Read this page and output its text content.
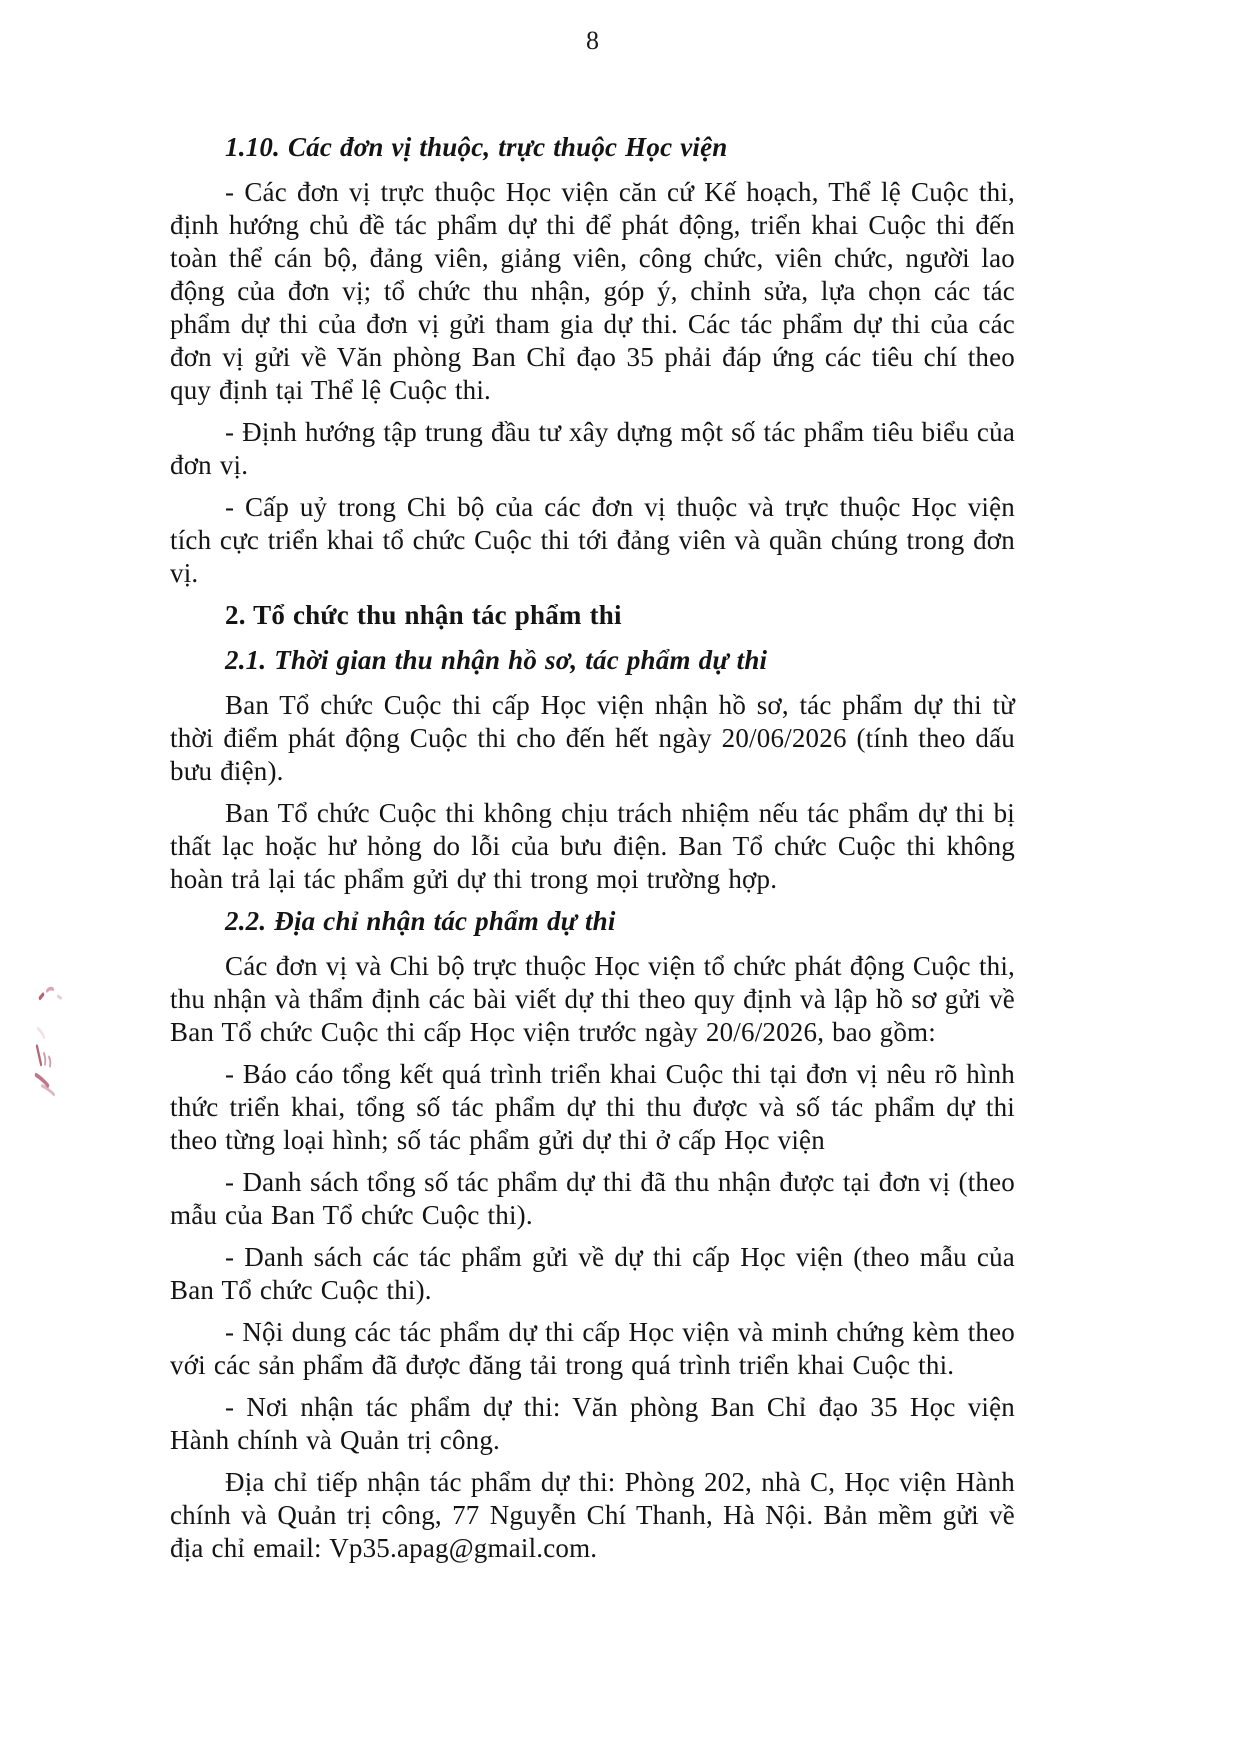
8

1.10. Các đơn vị thuộc, trực thuộc Học viện

- Các đơn vị trực thuộc Học viện căn cứ Kế hoạch, Thể lệ Cuộc thi, định hướng chủ đề tác phẩm dự thi để phát động, triển khai Cuộc thi đến toàn thể cán bộ, đảng viên, giảng viên, công chức, viên chức, người lao động của đơn vị; tổ chức thu nhận, góp ý, chỉnh sửa, lựa chọn các tác phẩm dự thi của đơn vị gửi tham gia dự thi. Các tác phẩm dự thi của các đơn vị gửi về Văn phòng Ban Chỉ đạo 35 phải đáp ứng các tiêu chí theo quy định tại Thể lệ Cuộc thi.

- Định hướng tập trung đầu tư xây dựng một số tác phẩm tiêu biểu của đơn vị.

- Cấp uỷ trong Chi bộ của các đơn vị thuộc và trực thuộc Học viện tích cực triển khai tổ chức Cuộc thi tới đảng viên và quần chúng trong đơn vị.

2. Tổ chức thu nhận tác phẩm thi

2.1. Thời gian thu nhận hồ sơ, tác phẩm dự thi

Ban Tổ chức Cuộc thi cấp Học viện nhận hồ sơ, tác phẩm dự thi từ thời điểm phát động Cuộc thi cho đến hết ngày 20/06/2026 (tính theo dấu bưu điện).

Ban Tổ chức Cuộc thi không chịu trách nhiệm nếu tác phẩm dự thi bị thất lạc hoặc hư hỏng do lỗi của bưu điện. Ban Tổ chức Cuộc thi không hoàn trả lại tác phẩm gửi dự thi trong mọi trường hợp.

2.2. Địa chỉ nhận tác phẩm dự thi

Các đơn vị và Chi bộ trực thuộc Học viện tổ chức phát động Cuộc thi, thu nhận và thẩm định các bài viết dự thi theo quy định và lập hồ sơ gửi về Ban Tổ chức Cuộc thi cấp Học viện trước ngày 20/6/2026, bao gồm:

- Báo cáo tổng kết quá trình triển khai Cuộc thi tại đơn vị nêu rõ hình thức triển khai, tổng số tác phẩm dự thi thu được và số tác phẩm dự thi theo từng loại hình; số tác phẩm gửi dự thi ở cấp Học viện

- Danh sách tổng số tác phẩm dự thi đã thu nhận được tại đơn vị (theo mẫu của Ban Tổ chức Cuộc thi).

- Danh sách các tác phẩm gửi về dự thi cấp Học viện (theo mẫu của Ban Tổ chức Cuộc thi).

- Nội dung các tác phẩm dự thi cấp Học viện và minh chứng kèm theo với các sản phẩm đã được đăng tải trong quá trình triển khai Cuộc thi.

- Nơi nhận tác phẩm dự thi: Văn phòng Ban Chỉ đạo 35 Học viện Hành chính và Quản trị công.

Địa chỉ tiếp nhận tác phẩm dự thi: Phòng 202, nhà C, Học viện Hành chính và Quản trị công, 77 Nguyễn Chí Thanh, Hà Nội. Bản mềm gửi về địa chỉ email: Vp35.apag@gmail.com.
